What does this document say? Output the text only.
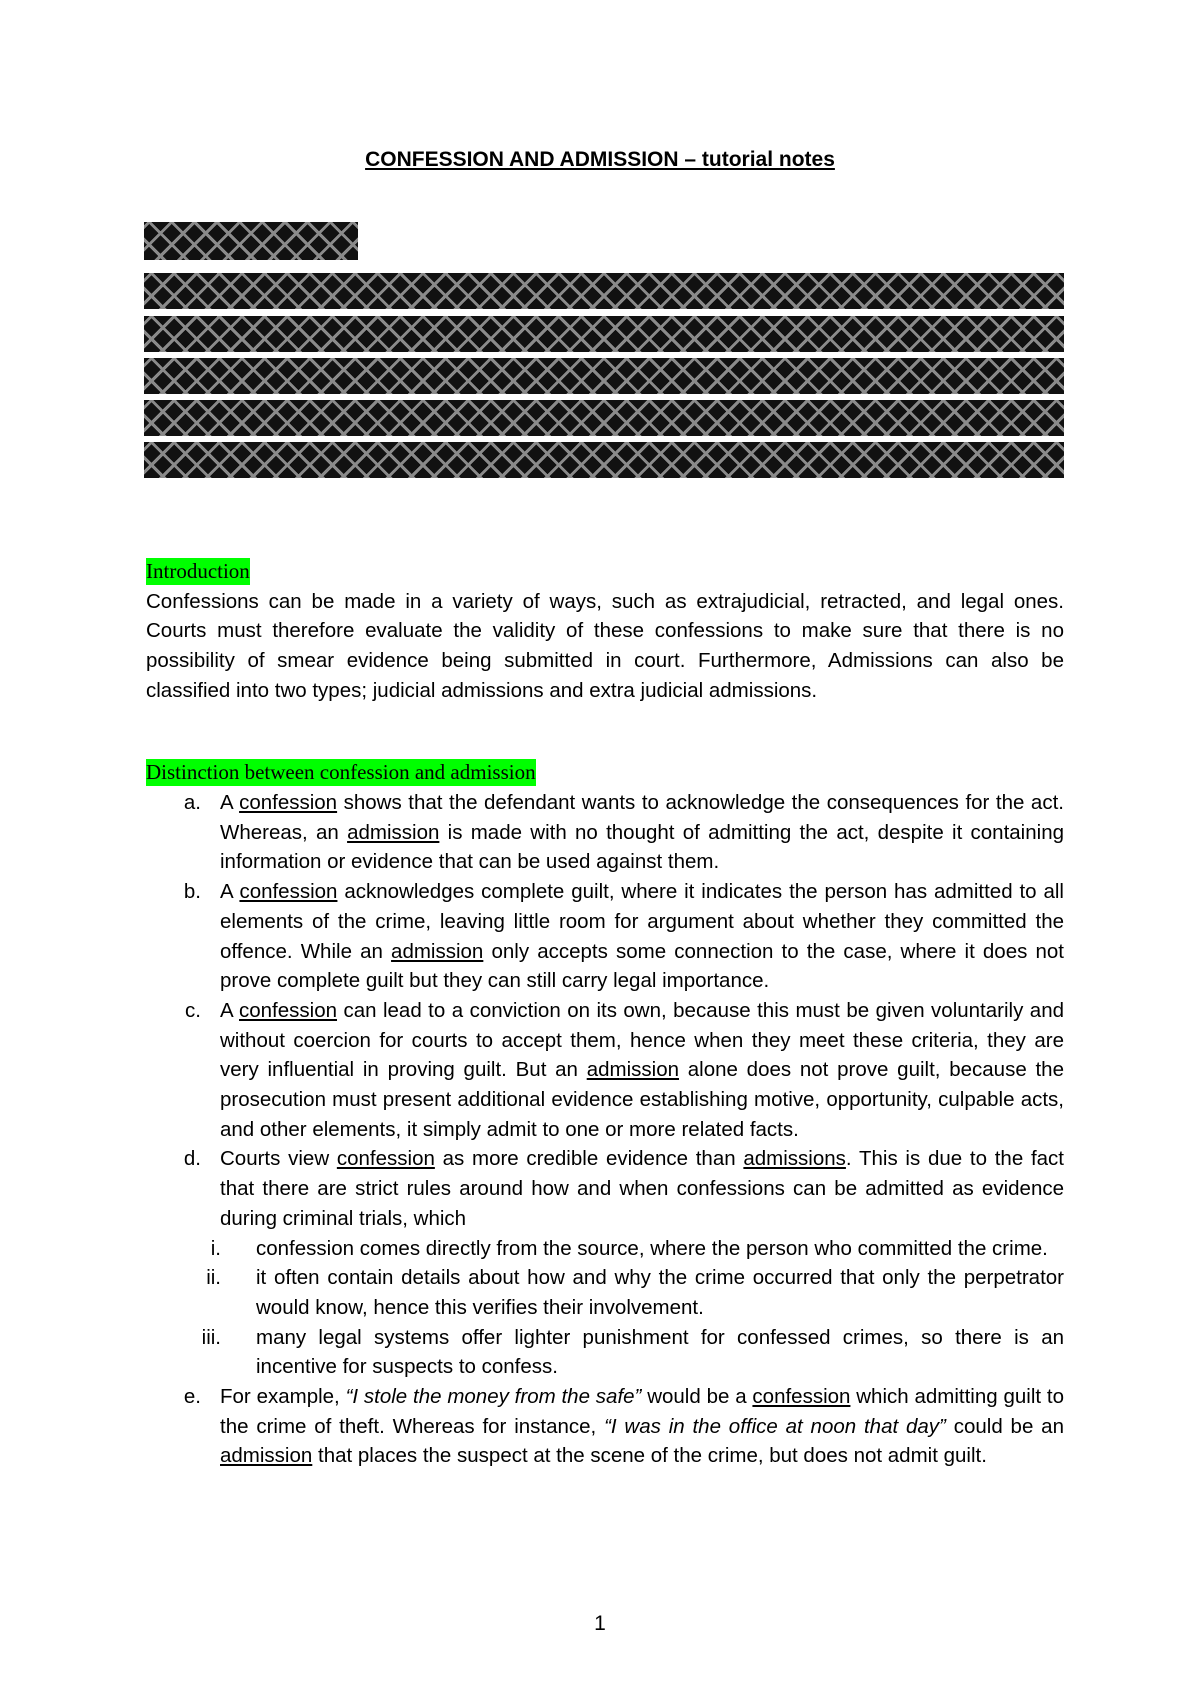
CONFESSION AND ADMISSION – tutorial notes
Introduction
Confessions can be made in a variety of ways, such as extrajudicial, retracted, and legal ones. Courts must therefore evaluate the validity of these confessions to make sure that there is no possibility of smear evidence being submitted in court. Furthermore, Admissions can also be classified into two types; judicial admissions and extra judicial admissions.
Distinction between confession and admission
a. A confession shows that the defendant wants to acknowledge the consequences for the act. Whereas, an admission is made with no thought of admitting the act, despite it containing information or evidence that can be used against them.
b. A confession acknowledges complete guilt, where it indicates the person has admitted to all elements of the crime, leaving little room for argument about whether they committed the offence. While an admission only accepts some connection to the case, where it does not prove complete guilt but they can still carry legal importance.
c. A confession can lead to a conviction on its own, because this must be given voluntarily and without coercion for courts to accept them, hence when they meet these criteria, they are very influential in proving guilt. But an admission alone does not prove guilt, because the prosecution must present additional evidence establishing motive, opportunity, culpable acts, and other elements, it simply admit to one or more related facts.
d. Courts view confession as more credible evidence than admissions. This is due to the fact that there are strict rules around how and when confessions can be admitted as evidence during criminal trials, which
i. confession comes directly from the source, where the person who committed the crime.
ii. it often contain details about how and why the crime occurred that only the perpetrator would know, hence this verifies their involvement.
iii. many legal systems offer lighter punishment for confessed crimes, so there is an incentive for suspects to confess.
e. For example, “I stole the money from the safe” would be a confession which admitting guilt to the crime of theft. Whereas for instance, “I was in the office at noon that day” could be an admission that places the suspect at the scene of the crime, but does not admit guilt.
1
